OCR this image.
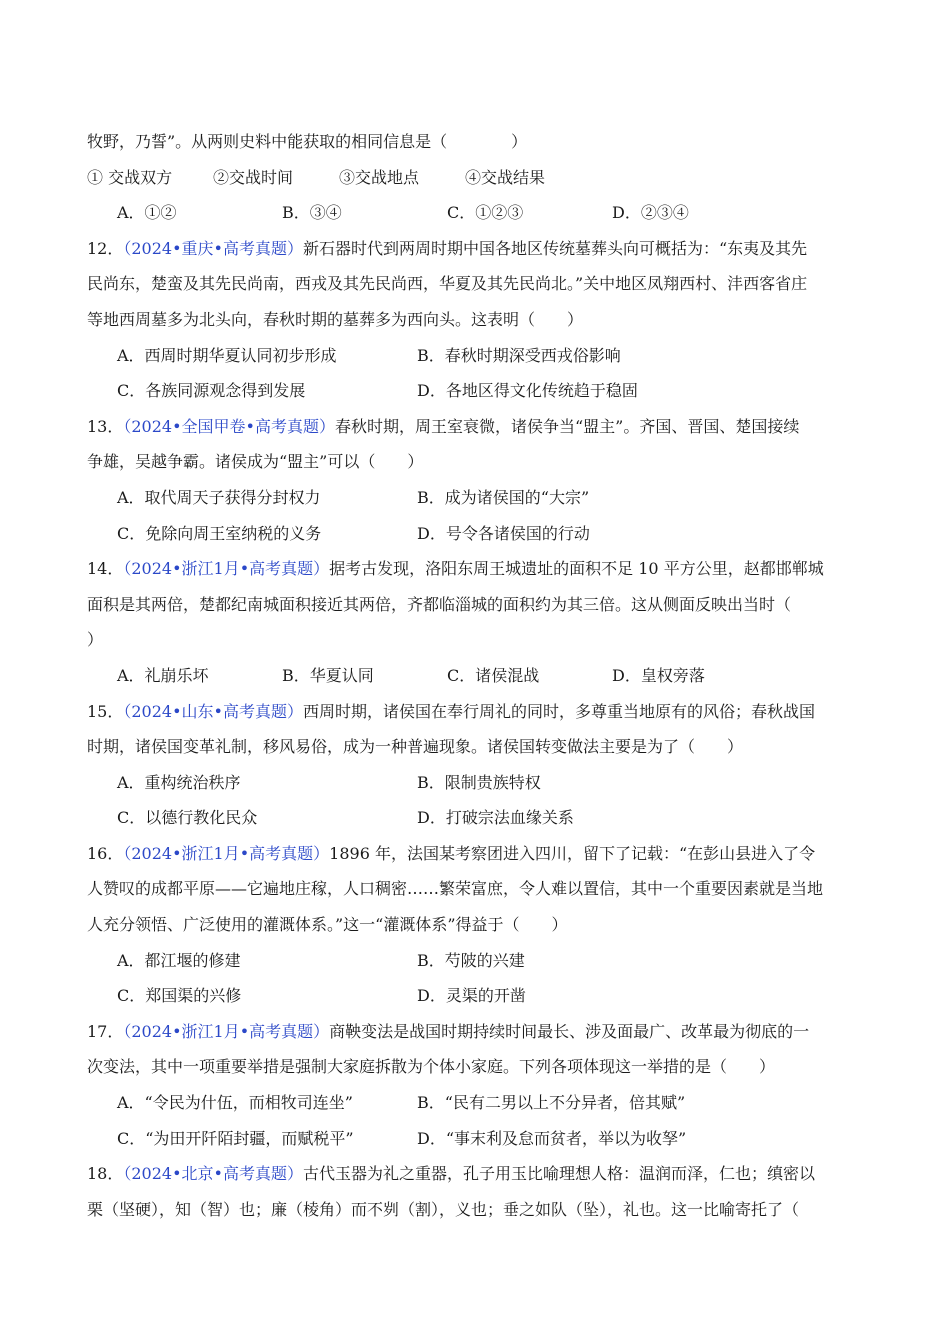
牧野，乃誓”。从两则史料中能获取的相同信息是（　　　　）
① 交战双方	②交战时间	③交战地点	④交战结果
A．①②	B．③④	C．①②③	D．②③④
12．（2024•重庆•高考真题）新石器时代到两周时期中国各地区传统墓葬头向可概括为：“东夷及其先
民尚东，楚蛮及其先民尚南，西戎及其先民尚西，华夏及其先民尚北。”关中地区凤翔西村、沣西客省庄
等地西周墓多为北头向，春秋时期的墓葬多为西向头。这表明（　　）
A．西周时期华夏认同初步形成	B．春秋时期深受西戎俗影响
C．各族同源观念得到发展	D．各地区得文化传统趋于稳固
13．（2024•全国甲卷•高考真题）春秋时期，周王室衰微，诸侯争当“盟主”。齐国、晋国、楚国接续
争雄，吴越争霸。诸侯成为“盟主”可以（　　）
A．取代周天子获得分封权力	B．成为诸侯国的“大宗”
C．免除向周王室纳税的义务	D．号令各诸侯国的行动
14．（2024•浙江1月•高考真题）据考古发现，洛阳东周王城遗址的面积不足 10 平方公里，赵都邯郸城
面积是其两倍，楚都纪南城面积接近其两倍，齐都临淄城的面积约为其三倍。这从侧面反映出当时（
）
A．礼崩乐坏	B．华夏认同	C．诸侯混战	D．皇权旁落
15．（2024•山东•高考真题）西周时期，诸侯国在奉行周礼的同时，多尊重当地原有的风俗；春秋战国
时期，诸侯国变革礼制，移风易俗，成为一种普遍现象。诸侯国转变做法主要是为了（　　）
A．重构统治秩序	B．限制贵族特权
C．以德行教化民众	D．打破宗法血缘关系
16．（2024•浙江1月•高考真题）1896 年，法国某考察团进入四川，留下了记载：“在彭山县进入了令
人赞叹的成都平原——它遍地庄稼，人口稠密……繁荣富庶，令人难以置信，其中一个重要因素就是当地
人充分领悟、广泛使用的灌溉体系。”这一“灌溉体系”得益于（　　）
A．都江堰的修建	B．芍陂的兴建
C．郑国渠的兴修	D．灵渠的开凿
17．（2024•浙江1月•高考真题）商鞅变法是战国时期持续时间最长、涉及面最广、改革最为彻底的一
次变法，其中一项重要举措是强制大家庭拆散为个体小家庭。下列各项体现这一举措的是（　　）
A．“令民为什伍，而相牧司连坐”	B．“民有二男以上不分异者，倍其赋”
C．“为田开阡陌封疆，而赋税平”	D．“事末利及怠而贫者，举以为收孥”
18．（2024•北京•高考真题）古代玉器为礼之重器，孔子用玉比喻理想人格：温润而泽，仁也；缜密以
栗（坚硬），知（智）也；廉（棱角）而不刿（割），义也；垂之如队（坠），礼也。这一比喻寄托了（
